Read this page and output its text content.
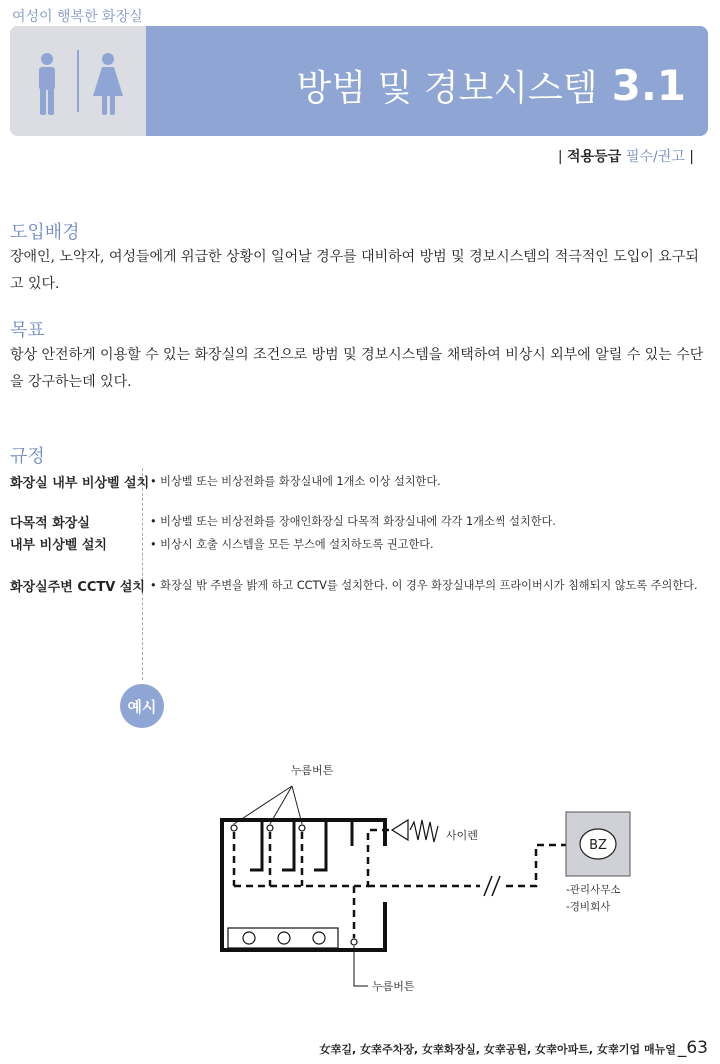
여성이 행복한 화장실
방범 및 경보시스템 3.1
| 적용등급 필수/권고 |
도입배경
장애인, 노약자, 여성들에게 위급한 상황이 일어날 경우를 대비하여 방범 및 경보시스템의 적극적인 도입이 요구되
고 있다.
목표
항상 안전하게 이용할 수 있는 화장실의 조건으로 방범 및 경보시스템을 채택하여 비상시 외부에 알릴 수 있는 수단
을 강구하는데 있다.
규정
화장실 내부 비상벨 설치 • 비상벨 또는 비상전화를 화장실내에 1개소 이상 설치한다.
다목적 화장실
내부 비상벨 설치
• 비상벨 또는 비상전화를 장애인화장실 다목적 화장실내에 각각 1개소씩 설치한다.
• 비상시 호출 시스템을 모든 부스에 설치하도록 권고한다.
화장실주변 CCTV 설치 • 화장실 밖 주변을 밝게 하고 CCTV를 설치한다. 이 경우 화장실내부의 프라이버시가 침해되지 않도록 주의한다.
예시
누름버튼
사이렌
BZ
-관리사무소
-경비회사
누름버튼
女幸길, 女幸주차장, 女幸화장실, 女幸공원, 女幸아파트, 女幸기업 매뉴얼 _63
